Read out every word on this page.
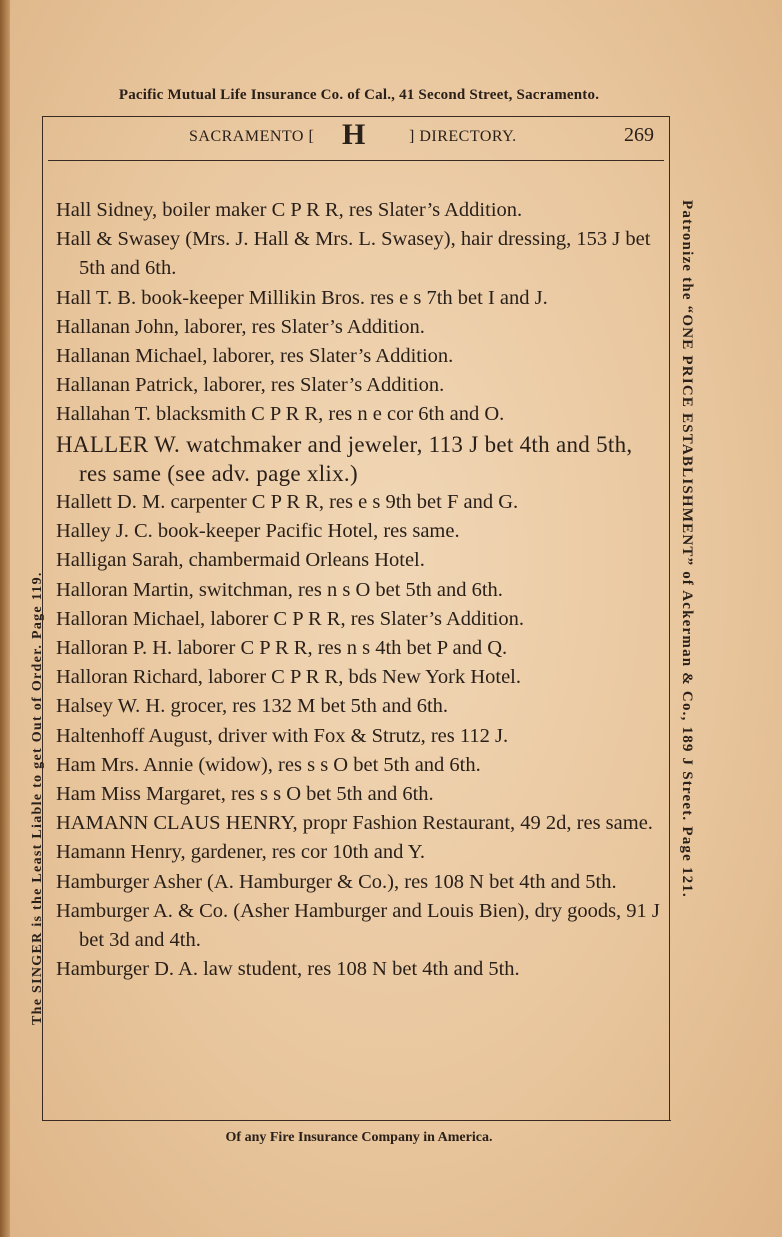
Pacific Mutual Life Insurance Co. of Cal., 41 Second Street, Sacramento.
SACRAMENTO [ H	] DIRECTORY.	269
Hall Sidney, boiler maker C P R R, res Slater’s Addition.
Hall & Swasey (Mrs. J. Hall & Mrs. L. Swasey), hair dressing, 153 J bet 5th and 6th.
Hall T. B. book-keeper Millikin Bros. res e s 7th bet I and J.
Hallanan John, laborer, res Slater’s Addition.
Hallanan Michael, laborer, res Slater’s Addition.
Hallanan Patrick, laborer, res Slater’s Addition.
Hallahan T. blacksmith C P R R, res n e cor 6th and O.
HALLER W. watchmaker and jeweler, 113 J bet 4th and 5th, res same (see adv. page xlix.)
Hallett D. M. carpenter C P R R, res e s 9th bet F and G.
Halley J. C. book-keeper Pacific Hotel, res same.
Halligan Sarah, chambermaid Orleans Hotel.
Halloran Martin, switchman, res n s O bet 5th and 6th.
Halloran Michael, laborer C P R R, res Slater’s Addition.
Halloran P. H. laborer C P R R, res n s 4th bet P and Q.
Halloran Richard, laborer C P R R, bds New York Hotel.
Halsey W. H. grocer, res 132 M bet 5th and 6th.
Haltenhoff August, driver with Fox & Strutz, res 112 J.
Ham Mrs. Annie (widow), res s s O bet 5th and 6th.
Ham Miss Margaret, res s s O bet 5th and 6th.
HAMANN CLAUS HENRY, propr Fashion Restaurant, 49 2d, res same.
Hamann Henry, gardener, res cor 10th and Y.
Hamburger Asher (A. Hamburger & Co.), res 108 N bet 4th and 5th.
Hamburger A. & Co. (Asher Hamburger and Louis Bien), dry goods, 91 J bet 3d and 4th.
Hamburger D. A. law student, res 108 N bet 4th and 5th.
The SINGER is the Least Liable to get Out of Order. Page 119.	Patronize the “ONE PRICE ESTABLISHMENT” of Ackerman & Co., 189 J Street. Page 121.
Of any Fire Insurance Company in America.
